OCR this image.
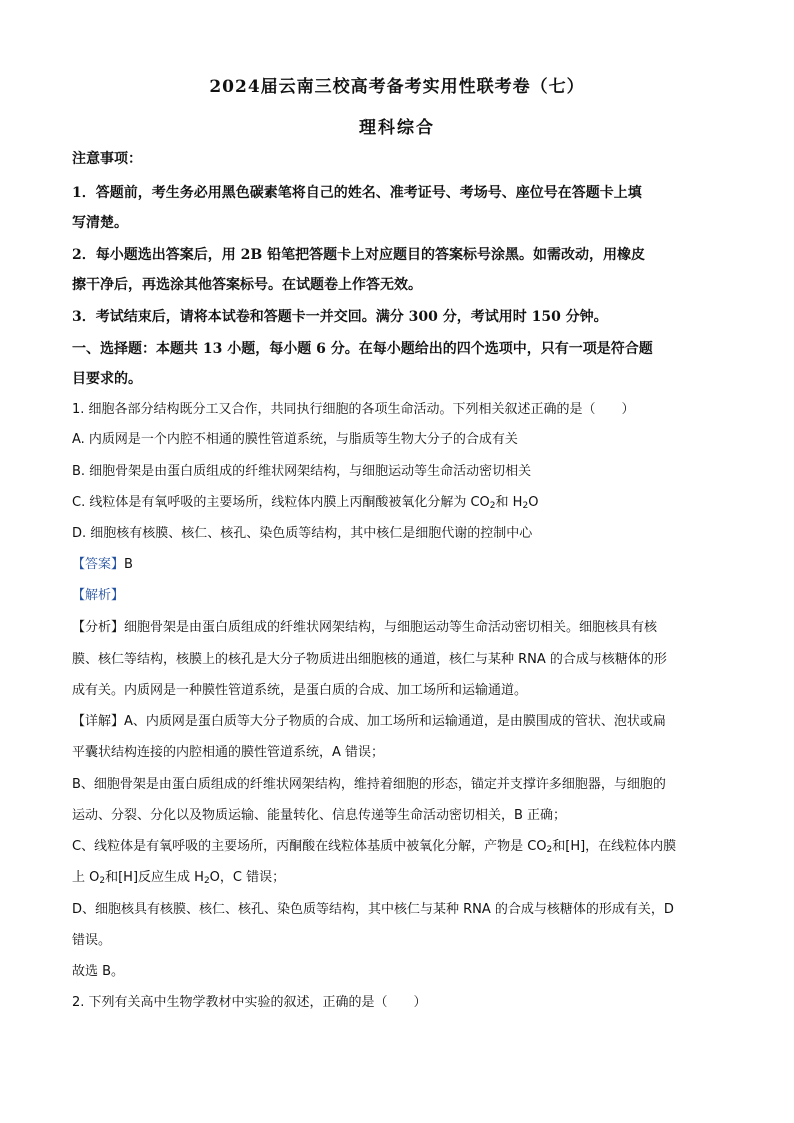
2024届云南三校高考备考实用性联考卷（七）
理科综合
注意事项：
1．答题前，考生务必用黑色碳素笔将自己的姓名、准考证号、考场号、座位号在答题卡上填
写清楚。
2．每小题选出答案后，用 2B 铅笔把答题卡上对应题目的答案标号涂黑。如需改动，用橡皮
擦干净后，再选涂其他答案标号。在试题卷上作答无效。
3．考试结束后，请将本试卷和答题卡一并交回。满分 300 分，考试用时 150 分钟。
一、选择题：本题共 13 小题，每小题 6 分。在每小题给出的四个选项中，只有一项是符合题
目要求的。
1. 细胞各部分结构既分工又合作，共同执行细胞的各项生命活动。下列相关叙述正确的是（　　）
A. 内质网是一个内腔不相通的膜性管道系统，与脂质等生物大分子的合成有关
B. 细胞骨架是由蛋白质组成的纤维状网架结构，与细胞运动等生命活动密切相关
C. 线粒体是有氧呼吸的主要场所，线粒体内膜上丙酮酸被氧化分解为 $CO_2$和 $H_2O$
D. 细胞核有核膜、核仁、核孔、染色质等结构，其中核仁是细胞代谢的控制中心
【答案】B
【解析】
【分析】细胞骨架是由蛋白质组成的纤维状网架结构，与细胞运动等生命活动密切相关。细胞核具有核
膜、核仁等结构，核膜上的核孔是大分子物质进出细胞核的通道，核仁与某种 RNA 的合成与核糖体的形
成有关。内质网是一种膜性管道系统，是蛋白质的合成、加工场所和运输通道。
【详解】A、内质网是蛋白质等大分子物质的合成、加工场所和运输通道，是由膜围成的管状、泡状或扁
平囊状结构连接的内腔相通的膜性管道系统，A 错误；
B、细胞骨架是由蛋白质组成的纤维状网架结构，维持着细胞的形态，锚定并支撑许多细胞器，与细胞的
运动、分裂、分化以及物质运输、能量转化、信息传递等生命活动密切相关，B 正确；
C、线粒体是有氧呼吸的主要场所，丙酮酸在线粒体基质中被氧化分解，产物是 $CO_2$和[H]，在线粒体内膜
上 $O_2$和[H]反应生成 $H_2O$，C 错误；
D、细胞核具有核膜、核仁、核孔、染色质等结构，其中核仁与某种 RNA 的合成与核糖体的形成有关，D
错误。
故选 B。
2. 下列有关高中生物学教材中实验的叙述，正确的是（　　）
